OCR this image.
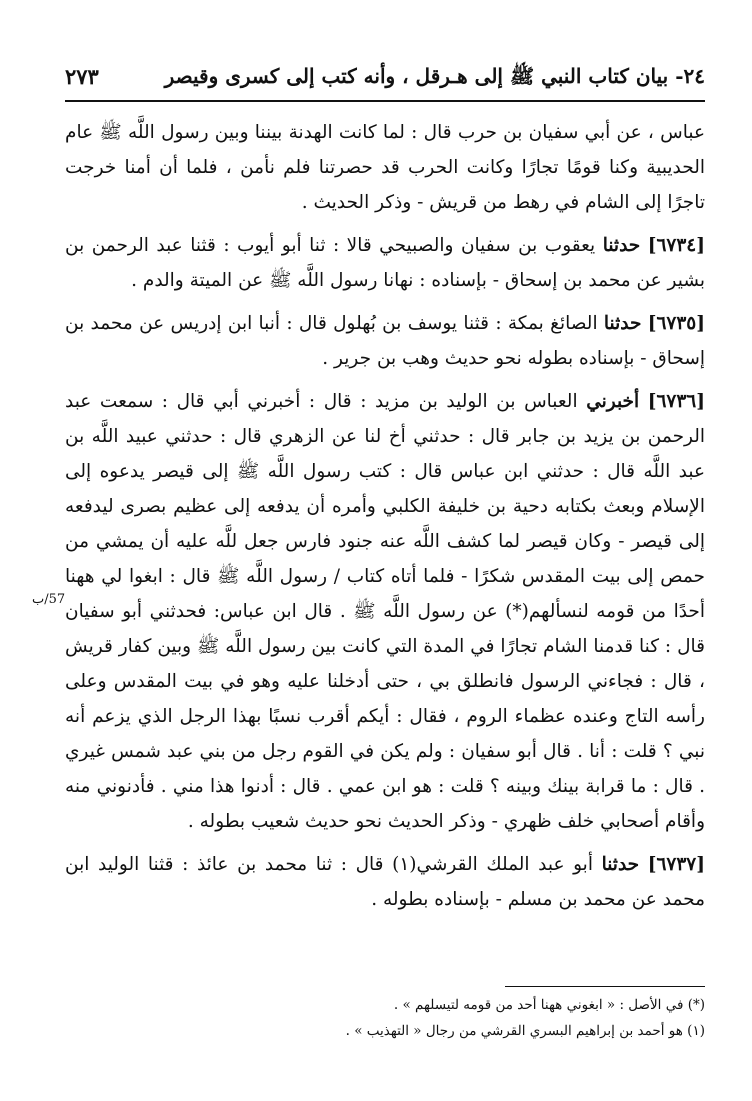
٢٤- بيان كتاب النبي ﷺ إلى هـرقل ، وأنه كتب إلى كسرى وقيصر
٢٧٣
57/ب

عباس ، عن أبي سفيان بن حرب قال : لما كانت الهدنة بيننا وبين رسول اللَّه ﷺ عام الحديبية وكنا قومًا تجارًا وكانت الحرب قد حصرتنا فلم نأمن ، فلما أن أمنا خرجت تاجرًا إلى الشام في رهط من قريش - وذكر الحديث .

[٦٧٣٤] حدثنا يعقوب بن سفيان والصبيحي قالا : ثنا أبو أيوب : قثنا عبد الرحمن بن بشير عن محمد بن إسحاق - بإسناده : نهانا رسول اللَّه ﷺ عن الميتة والدم .

[٦٧٣٥] حدثنا الصائغ بمكة : قثنا يوسف بن بُهلول قال : أنبا ابن إدريس عن محمد بن إسحاق - بإسناده بطوله نحو حديث وهب بن جرير .

[٦٧٣٦] أخبرني العباس بن الوليد بن مزيد : قال : أخبرني أبي قال : سمعت عبد الرحمن بن يزيد بن جابر قال : حدثني أخ لنا عن الزهري قال : حدثني عبيد اللَّه بن عبد اللَّه قال : حدثني ابن عباس قال : كتب رسول اللَّه ﷺ إلى قيصر يدعوه إلى الإسلام وبعث بكتابه دحية بن خليفة الكلبي وأمره أن يدفعه إلى عظيم بصرى ليدفعه إلى قيصر - وكان قيصر لما كشف اللَّه عنه جنود فارس جعل للَّه عليه أن يمشي من حمص إلى بيت المقدس شكرًا - فلما أتاه كتاب / رسول اللَّه ﷺ قال : ابغوا لي ههنا أحدًا من قومه لنسألهم(*) عن رسول اللَّه ﷺ . قال ابن عباس: فحدثني أبو سفيان قال : كنا قدمنا الشام تجارًا في المدة التي كانت بين رسول اللَّه ﷺ وبين كفار قريش ، قال : فجاءني الرسول فانطلق بي ، حتى أدخلنا عليه وهو في بيت المقدس وعلى رأسه التاج وعنده عظماء الروم ، فقال : أيكم أقرب نسبًا بهذا الرجل الذي يزعم أنه نبي ؟ قلت : أنا . قال أبو سفيان : ولم يكن في القوم رجل من بني عبد شمس غيري . قال : ما قرابة بينك وبينه ؟ قلت : هو ابن عمي . قال : أدنوا هذا مني . فأدنوني منه وأقام أصحابي خلف ظهري - وذكر الحديث نحو حديث شعيب بطوله .

[٦٧٣٧] حدثنا أبو عبد الملك القرشي(١) قال : ثنا محمد بن عائذ : قثنا الوليد ابن محمد عن محمد بن مسلم - بإسناده بطوله .

(*) في الأصل : « ابغوني ههنا أحد من قومه لتيسلهم » .

(١) هو أحمد بن إبراهيم البسري القرشي من رجال « التهذيب » .
